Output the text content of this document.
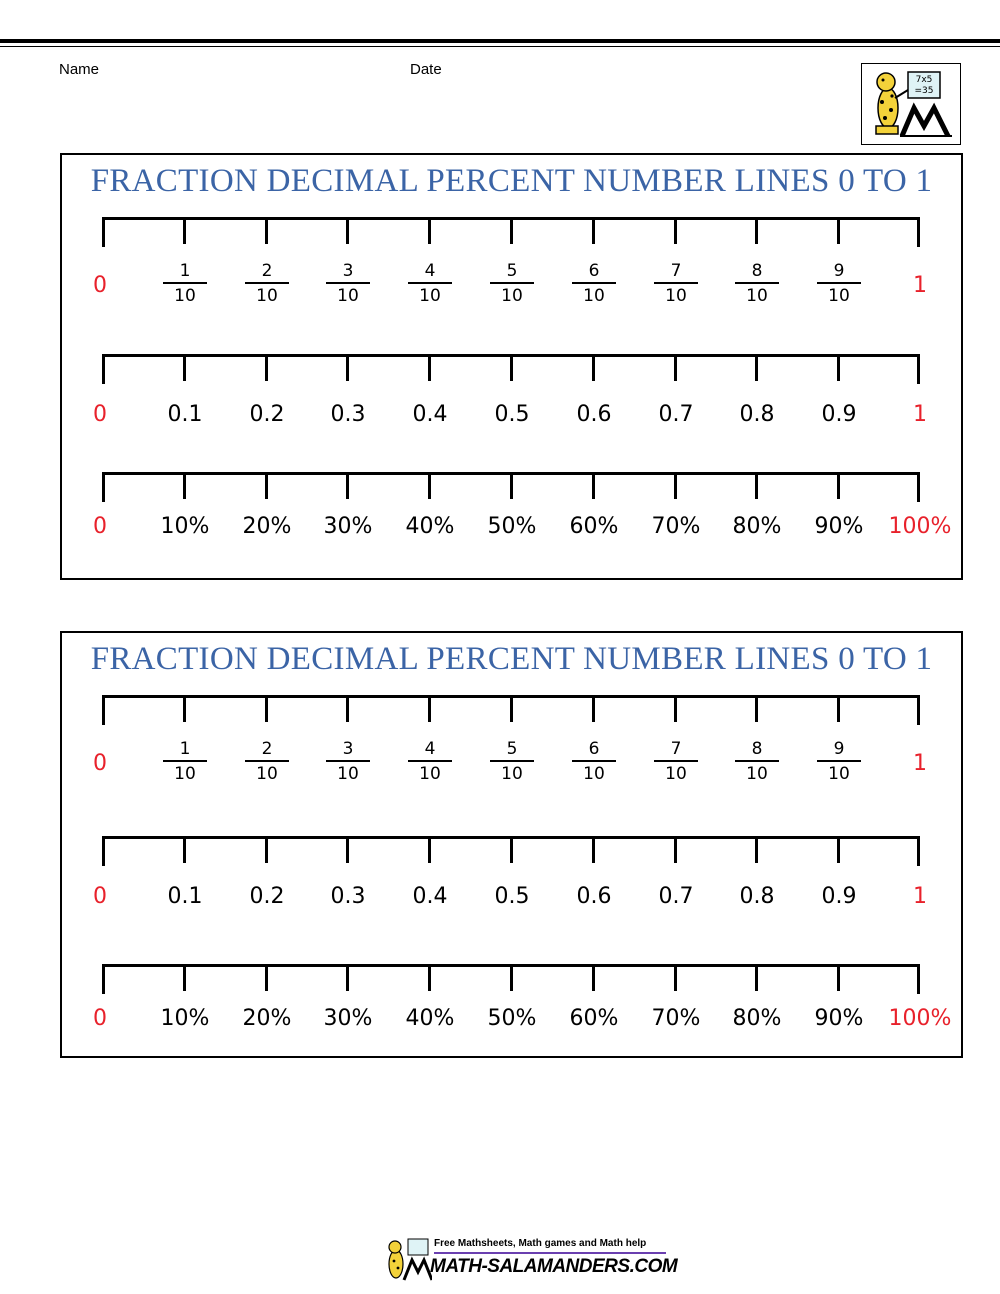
Name	Date
7x5
=35
FRACTION DECIMAL PERCENT NUMBER LINES 0 TO 1
0
1
10
2
10
3
10
4
10
5
10
6
10
7
10
8
10
9
10	1
0	0.1 0.2 0.3 0.4 0.5 0.6 0.7 0.8 0.9	1
0 10% 20% 30% 40% 50% 60% 70% 80% 90% 100%
FRACTION DECIMAL PERCENT NUMBER LINES 0 TO 1
0
1
10
2
10
3
10
4
10
5
10
6
10
7
10
8
10
9
10	1
0	0.1 0.2 0.3 0.4 0.5 0.6 0.7 0.8 0.9	1
0 10% 20% 30% 40% 50% 60% 70% 80% 90% 100%
Free Mathsheets, Math games and Math help
MATH-SALAMANDERS.COM
